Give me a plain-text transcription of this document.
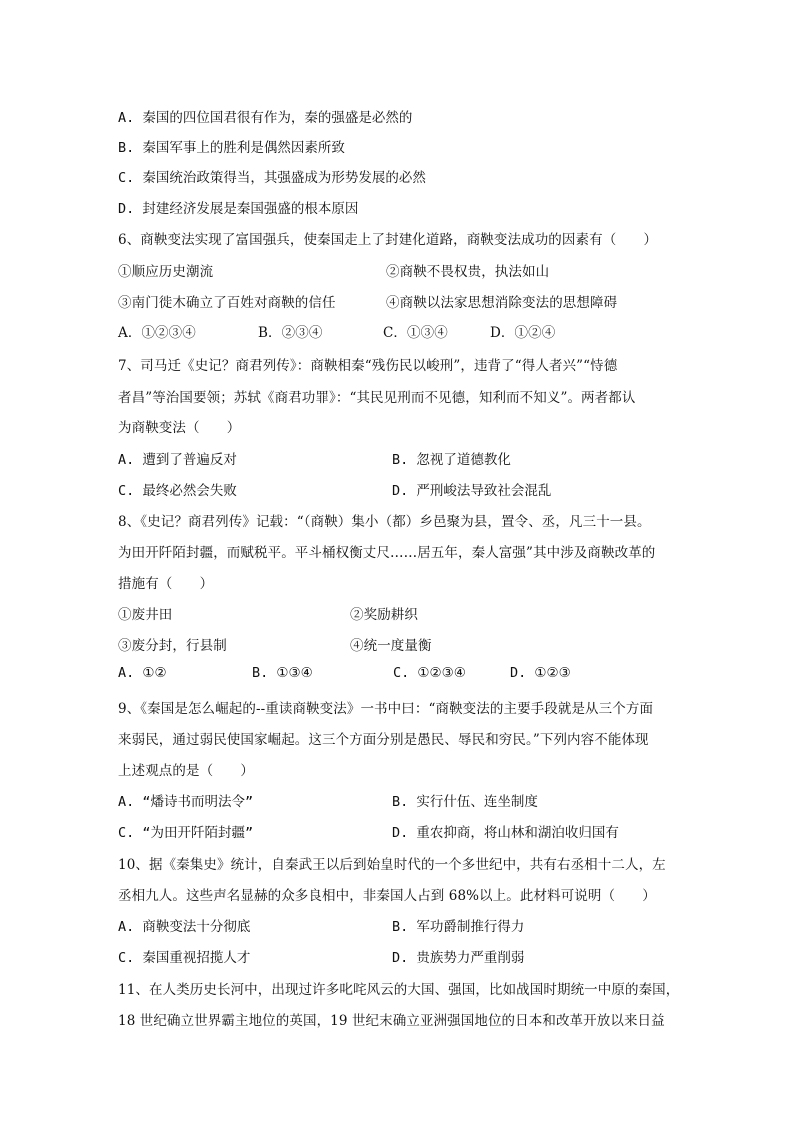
A. 秦国的四位国君很有作为，秦的强盛是必然的
B. 秦国军事上的胜利是偶然因素所致
C. 秦国统治政策得当，其强盛成为形势发展的必然
D. 封建经济发展是秦国强盛的根本原因
6、商鞅变法实现了富国强兵，使秦国走上了封建化道路，商鞅变法成功的因素有（　　）
①顺应历史潮流	②商鞅不畏权贵，执法如山
③南门徙木确立了百姓对商鞅的信任	④商鞅以法家思想消除变法的思想障碍
A．①②③④	B．②③④	C．①③④	D．①②④
7、司马迁《史记？商君列传》：商鞅相秦“残伤民以峻刑”，违背了“得人者兴”“恃德
者昌”等治国要领；苏轼《商君功罪》：“其民见刑而不见德，知利而不知义”。两者都认
为商鞅变法（　　）
A. 遭到了普遍反对	B. 忽视了道德教化
C. 最终必然会失败	D. 严刑峻法导致社会混乱
8、《史记？商君列传》记载：“（商鞅）集小（都）乡邑聚为县，置令、丞，凡三十一县。
为田开阡陌封疆，而赋税平。平斗桶权衡丈尺……居五年，秦人富强”其中涉及商鞅改革的
措施有（　　）
①废井田	②奖励耕织
③废分封，行县制	④统一度量衡
A. ①②	B. ①③④	C. ①②③④	D. ①②③
9、《秦国是怎么崛起的--重读商鞅变法》一书中曰：“商鞅变法的主要手段就是从三个方面
来弱民，通过弱民使国家崛起。这三个方面分别是愚民、辱民和穷民。”下列内容不能体现
上述观点的是（　　）
A. “燔诗书而明法令”	B. 实行什伍、连坐制度
C. “为田开阡陌封疆”	D. 重农抑商，将山林和湖泊收归国有
10、据《秦集史》统计，自秦武王以后到始皇时代的一个多世纪中，共有右丞相十二人，左
丞相九人。这些声名显赫的众多良相中，非秦国人占到 68%以上。此材料可说明（　　）
A. 商鞅变法十分彻底	B. 军功爵制推行得力
C. 秦国重视招揽人才	D. 贵族势力严重削弱
11、在人类历史长河中，出现过许多叱咤风云的大国、强国，比如战国时期统一中原的秦国，
18 世纪确立世界霸主地位的英国，19 世纪末确立亚洲强国地位的日本和改革开放以来日益
